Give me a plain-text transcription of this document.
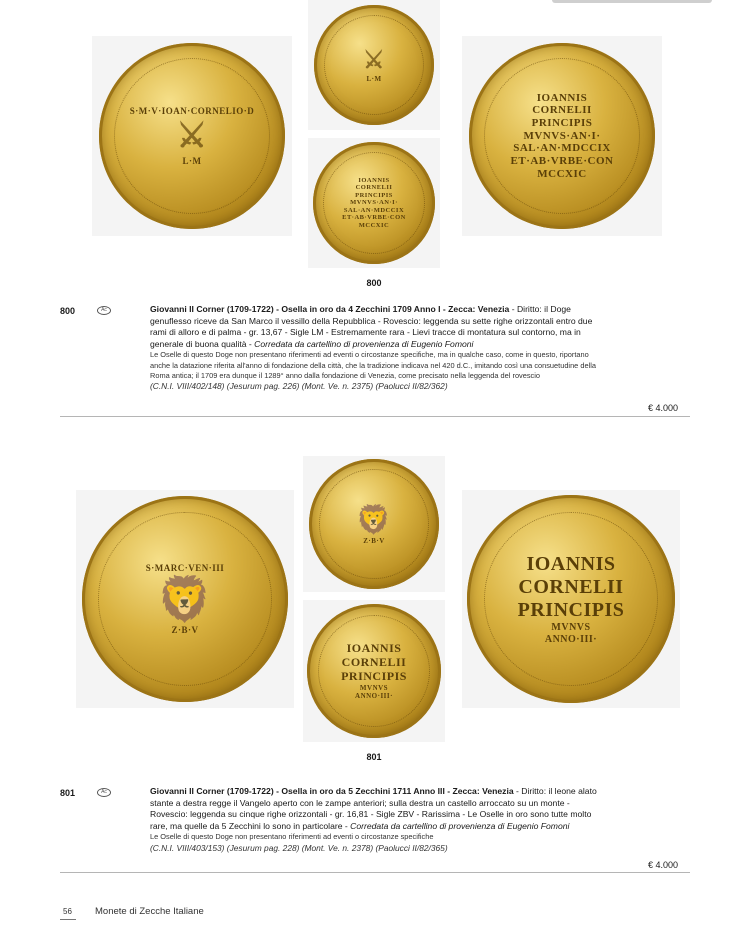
S·M·V·IOAN·CORNELIO·D
⚔
L·M
⚔
L·M
IOANNIS
CORNELII
PRINCIPIS
MVNVS·AN·I·
SAL·AN·MDCCIX
ET·AB·VRBE·CON
MCCXIC
IOANNIS
CORNELII
PRINCIPIS
MVNVS·AN·I·
SAL·AN·MDCCIX
ET·AB·VRBE·CON
MCCXIC
800
800	Ac	Giovanni II Corner (1709-1722) - Osella in oro da 4 Zecchini 1709 Anno I - Zecca: Venezia - Diritto: il Doge genuflesso riceve da San Marco il vessillo della Repubblica - Rovescio: leggenda su sette righe orizzontali entro due rami di alloro e di palma - gr. 13,67 - Sigle LM - Estremamente rara - Lievi tracce di montatura sul contorno, ma in generale di buona qualità - Corredata da cartellino di provenienza di Eugenio Fomoni
Le Oselle di questo Doge non presentano riferimenti ad eventi o circostanze specifiche, ma in qualche caso, come in questo, riportano anche la datazione riferita all'anno di fondazione della città, che la tradizione indicava nel 420 d.C., imitando così una consuetudine della Roma antica; il 1709 era dunque il 1289° anno dalla fondazione di Venezia, come precisato nella leggenda del rovescio
(C.N.I. VIII/402/148) (Jesurum pag. 226) (Mont. Ve. n. 2375) (Paolucci II/82/362)
€ 4.000
S·MARC·VEN·III
🦁
Z·B·V
🦁
Z·B·V
IOANNIS
CORNELII
PRINCIPIS
MVNVS
ANNO·III·
IOANNIS
CORNELII
PRINCIPIS
MVNVS
ANNO·III·
801
801	Ac	Giovanni II Corner (1709-1722) - Osella in oro da 5 Zecchini 1711 Anno III - Zecca: Venezia - Diritto: il leone alato stante a destra regge il Vangelo aperto con le zampe anteriori; sulla destra un castello arroccato su un monte - Rovescio: leggenda su cinque righe orizzontali - gr. 16,81 - Sigle ZBV - Rarissima - Le Oselle in oro sono tutte molto rare, ma quelle da 5 Zecchini lo sono in particolare - Corredata da cartellino di provenienza di Eugenio Fomoni
Le Oselle di questo Doge non presentano riferimenti ad eventi o circostanze specifiche
(C.N.I. VIII/403/153) (Jesurum pag. 228) (Mont. Ve. n. 2378) (Paolucci II/82/365)
€ 4.000
56 Monete di Zecche Italiane
